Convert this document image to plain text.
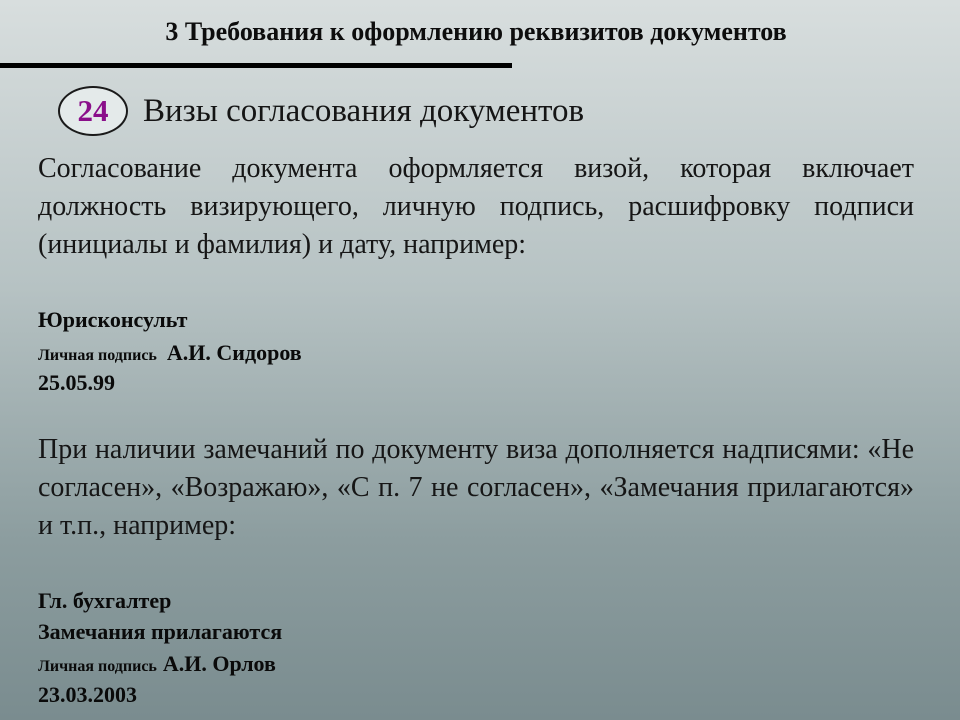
3 Требования к оформлению реквизитов документов
24	Визы согласования документов
Согласование документа оформляется визой, которая включает должность визирующего, личную подпись, расшифровку подписи (инициалы и фамилия) и дату, например:
Юрисконсульт
Личная подпись А.И. Сидоров
25.05.99
При наличии замечаний по документу виза дополняется надписями: «Не согласен», «Возражаю», «С п. 7 не согласен», «Замечания прилагаются» и т.п., например:
Гл. бухгалтер
Замечания прилагаются
Личная подпись А.И. Орлов
23.03.2003
